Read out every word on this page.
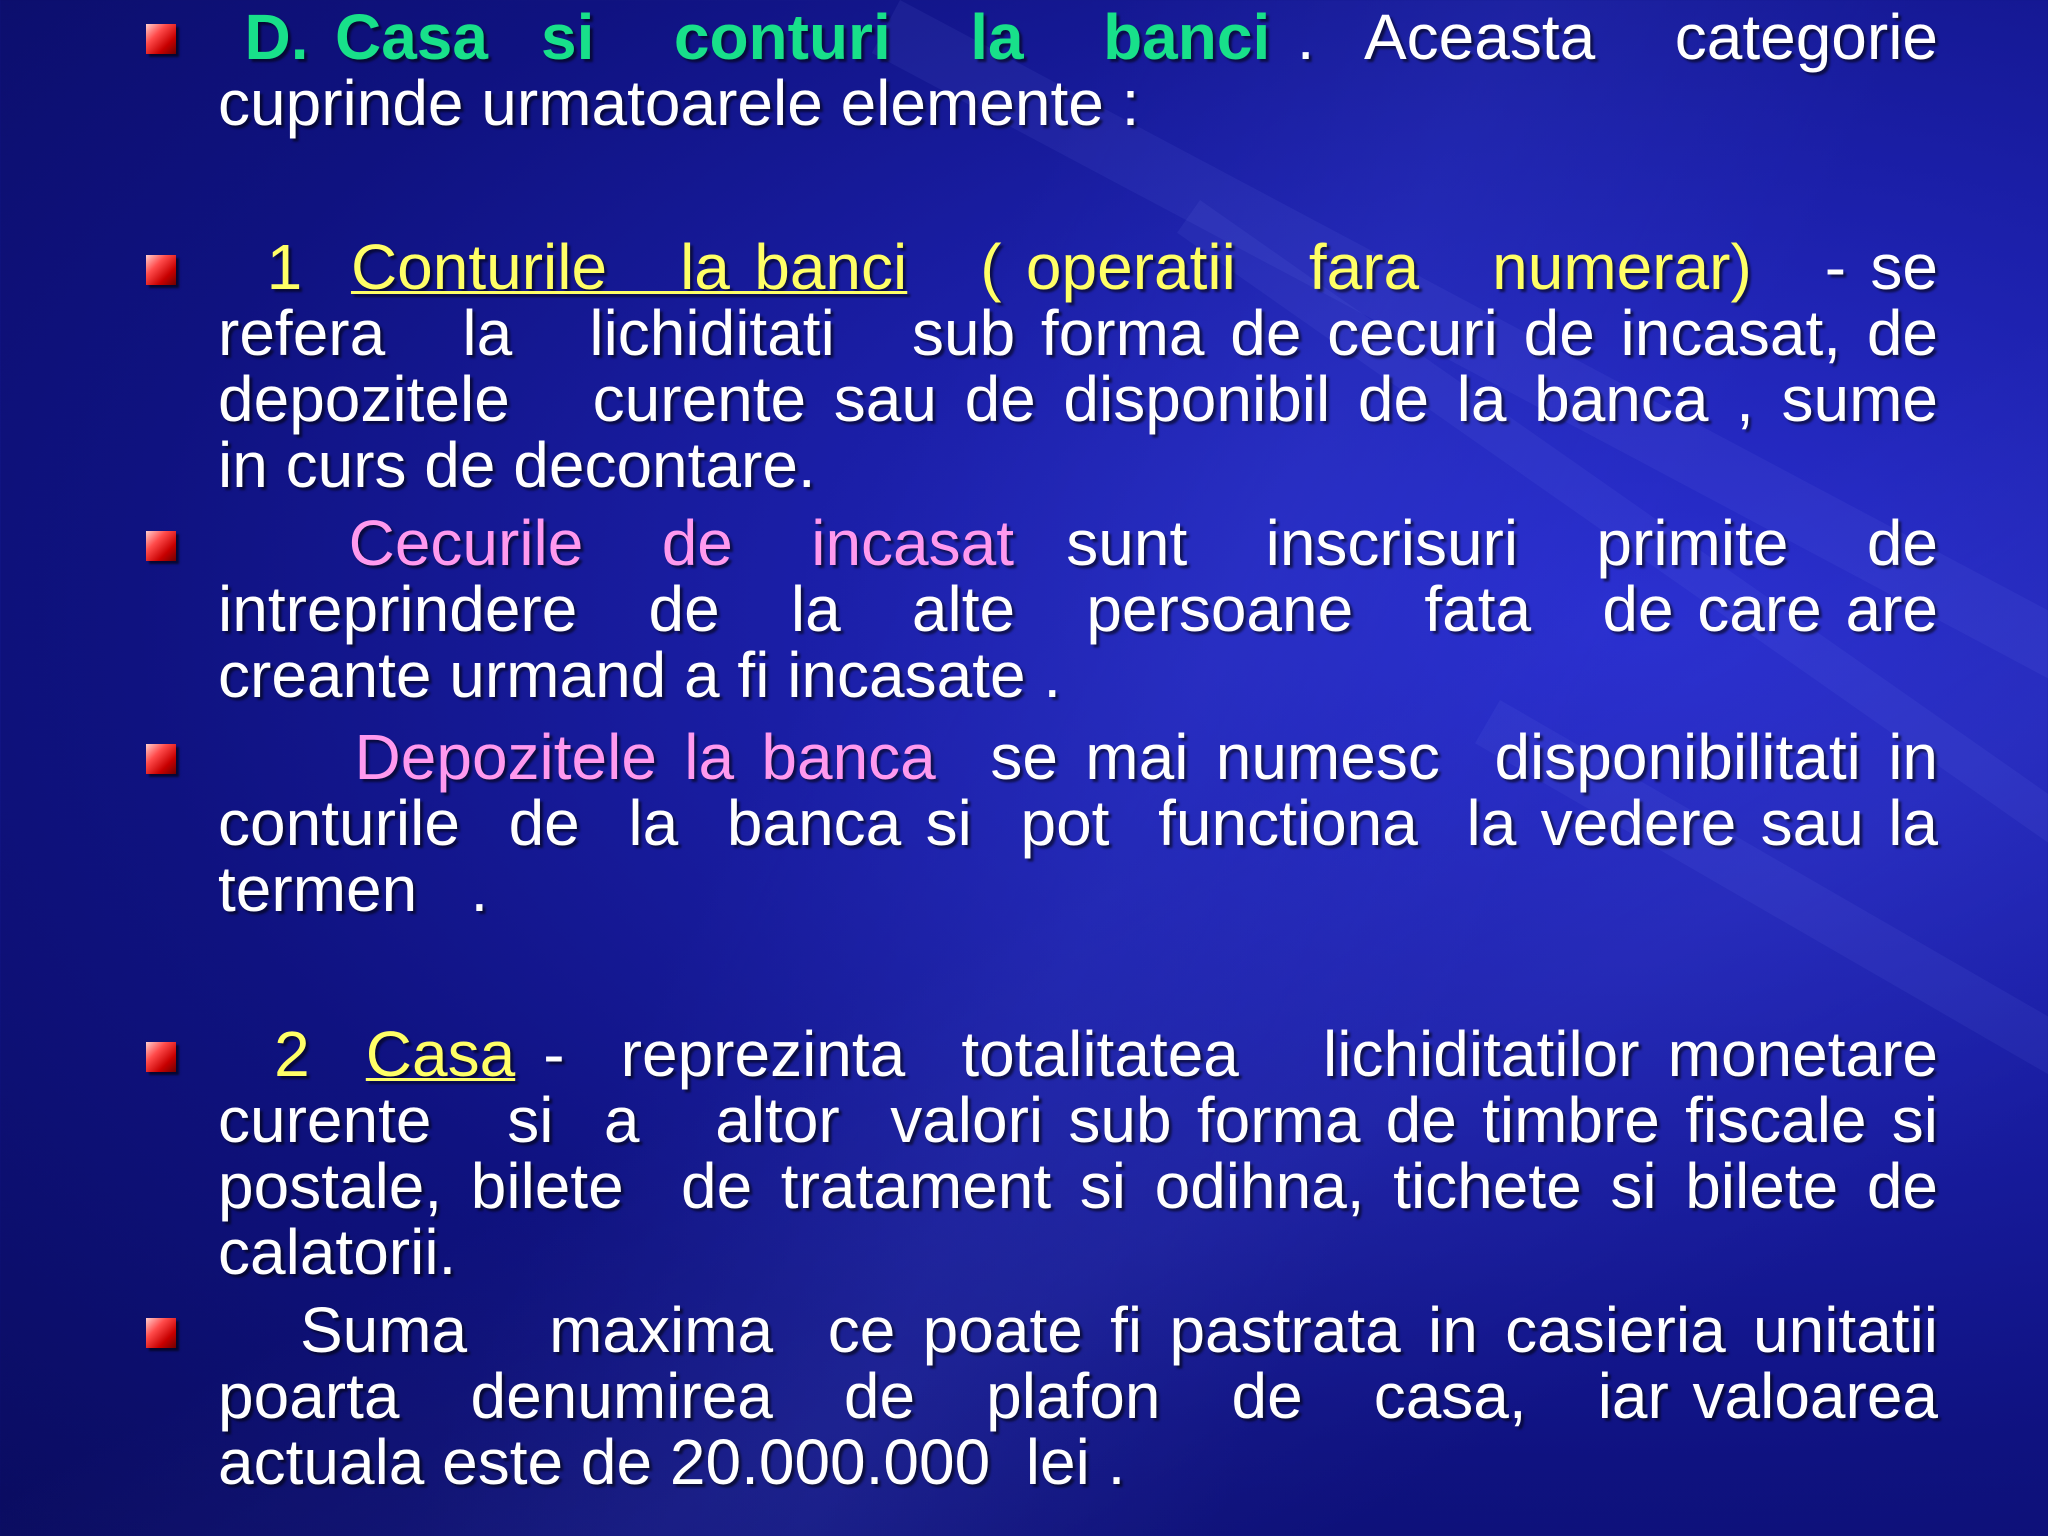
D. Casa  si   conturi   la   banci .  Aceasta   categorie
cuprinde urmatoarele elemente :
1  Conturile   la banci   ( operatii   fara   numerar)   - se
refera   la   lichiditati   sub forma de cecuri de incasat, de
depozitele   curente sau de disponibil de la banca , sume
in curs de decontare.
Cecurile   de   incasat  sunt   inscrisuri   primite   de
intreprindere   de   la   alte   persoane   fata   de care are
creante urmand a fi incasate .
Depozitele la banca  se mai numesc  disponibilitati in
conturile  de  la  banca si  pot  functiona  la vedere sau la
termen   .
2  Casa -  reprezinta  totalitatea   lichiditatilor monetare
curente   si  a   altor  valori sub forma de timbre fiscale si
postale, bilete  de tratament si odihna, tichete si bilete de
calatorii.
Suma   maxima  ce poate fi pastrata in casieria unitatii
poarta   denumirea   de   plafon   de   casa,   iar valoarea
actuala este de 20.000.000  lei .
